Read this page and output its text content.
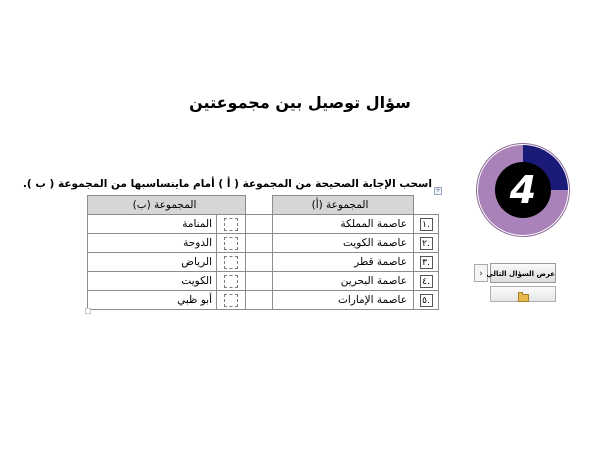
سؤال توصيل بين مجموعتين
اسحب الإجابة الصحيحة من المجموعة ( أ ) أمام ماينساسبها من المجموعة ( ب ).
+
المجموعة (ب)			المجموعة (أ)	
المنامة			عاصمة المملكة	١.
الدوحة			عاصمة الكويت	٢.
الرياض			عاصمة قطر	٣.
الكويت			عاصمة البحرين	٤.
أبو ظبي			عاصمة الإمارات	٥.
4
› عرض السؤال التالي
